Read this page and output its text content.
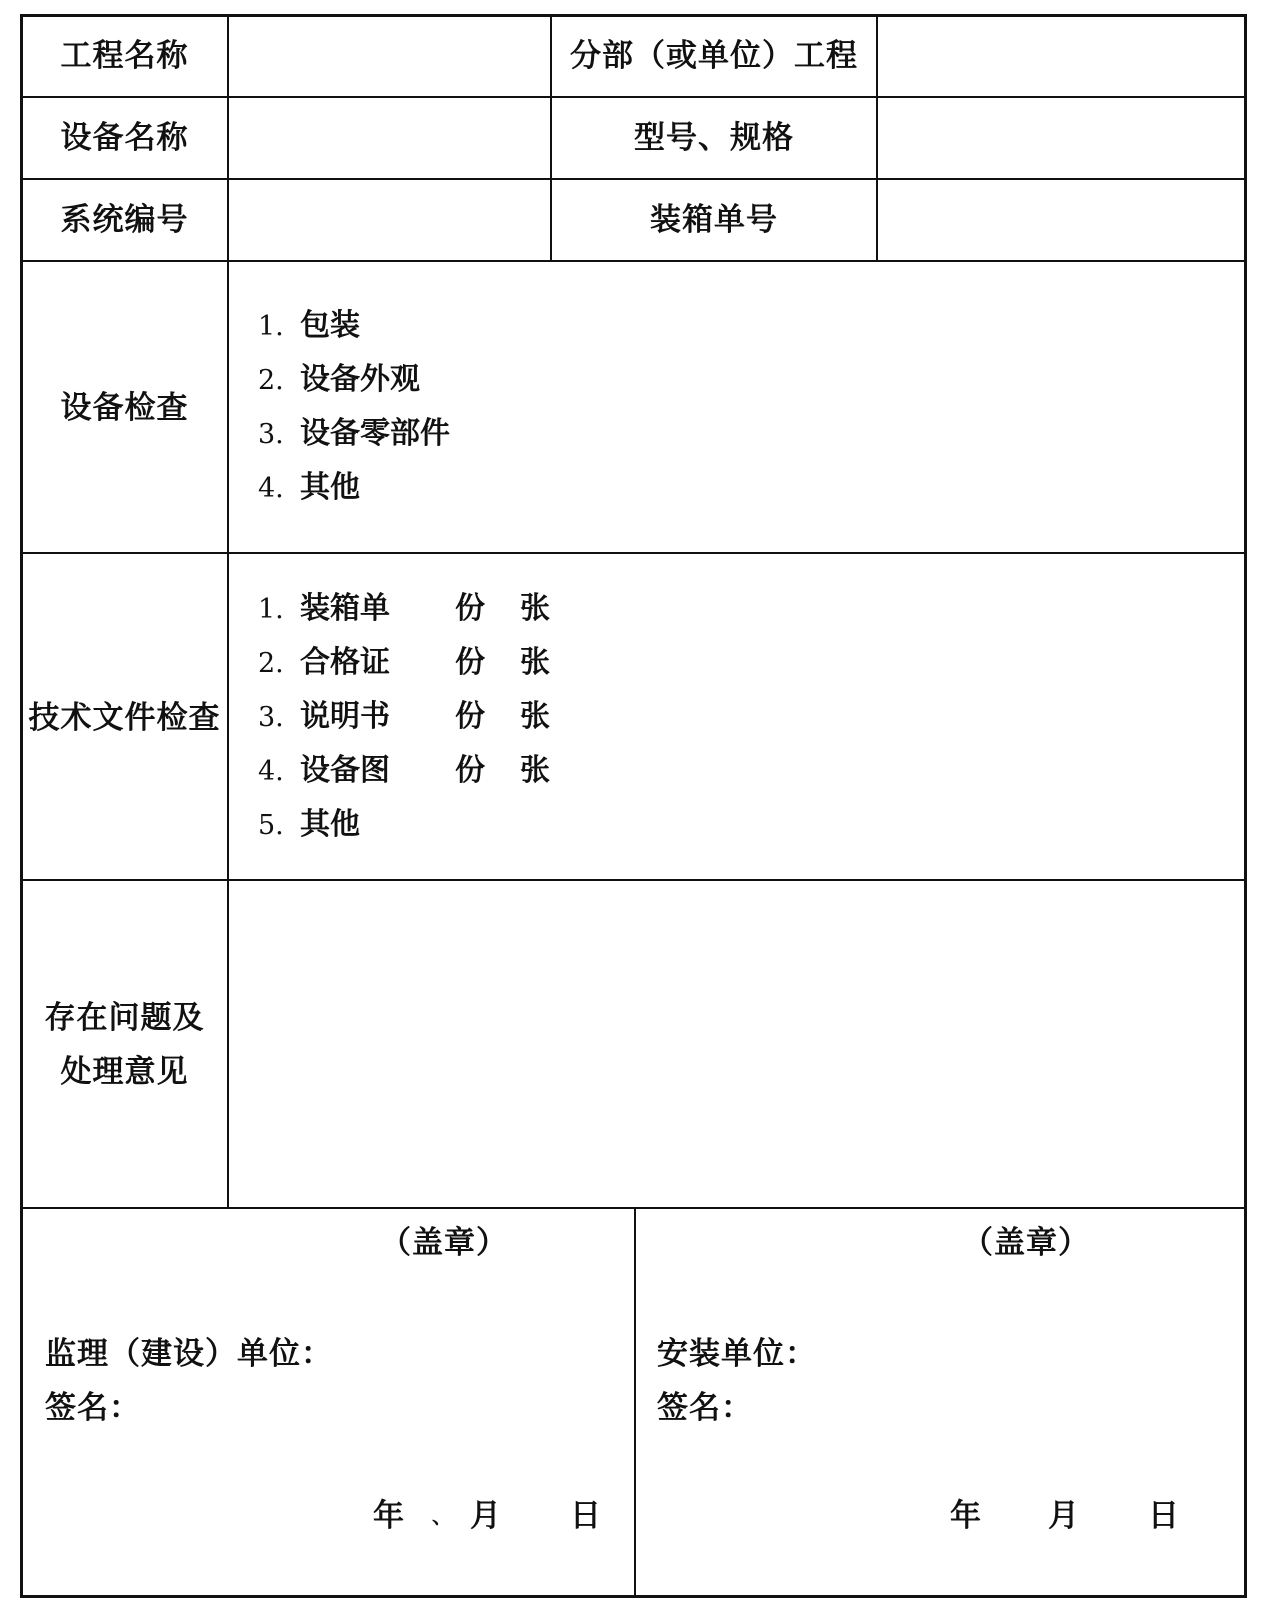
工程名称	分部（或单位）工程
设备名称	型号、规格
系统编号	装箱单号
设备检查
1. 包装
2. 设备外观
3. 设备零部件
4. 其他
技术文件检查
1. 装箱单 份 张
2. 合格证 份 张
3. 说明书 份 张
4. 设备图 份 张
5. 其他
存在问题及
处理意见
（盖章）
监理（建设）单位：
签名：
年 、 月 日
（盖章）
安装单位：
签名：
年 月 日
